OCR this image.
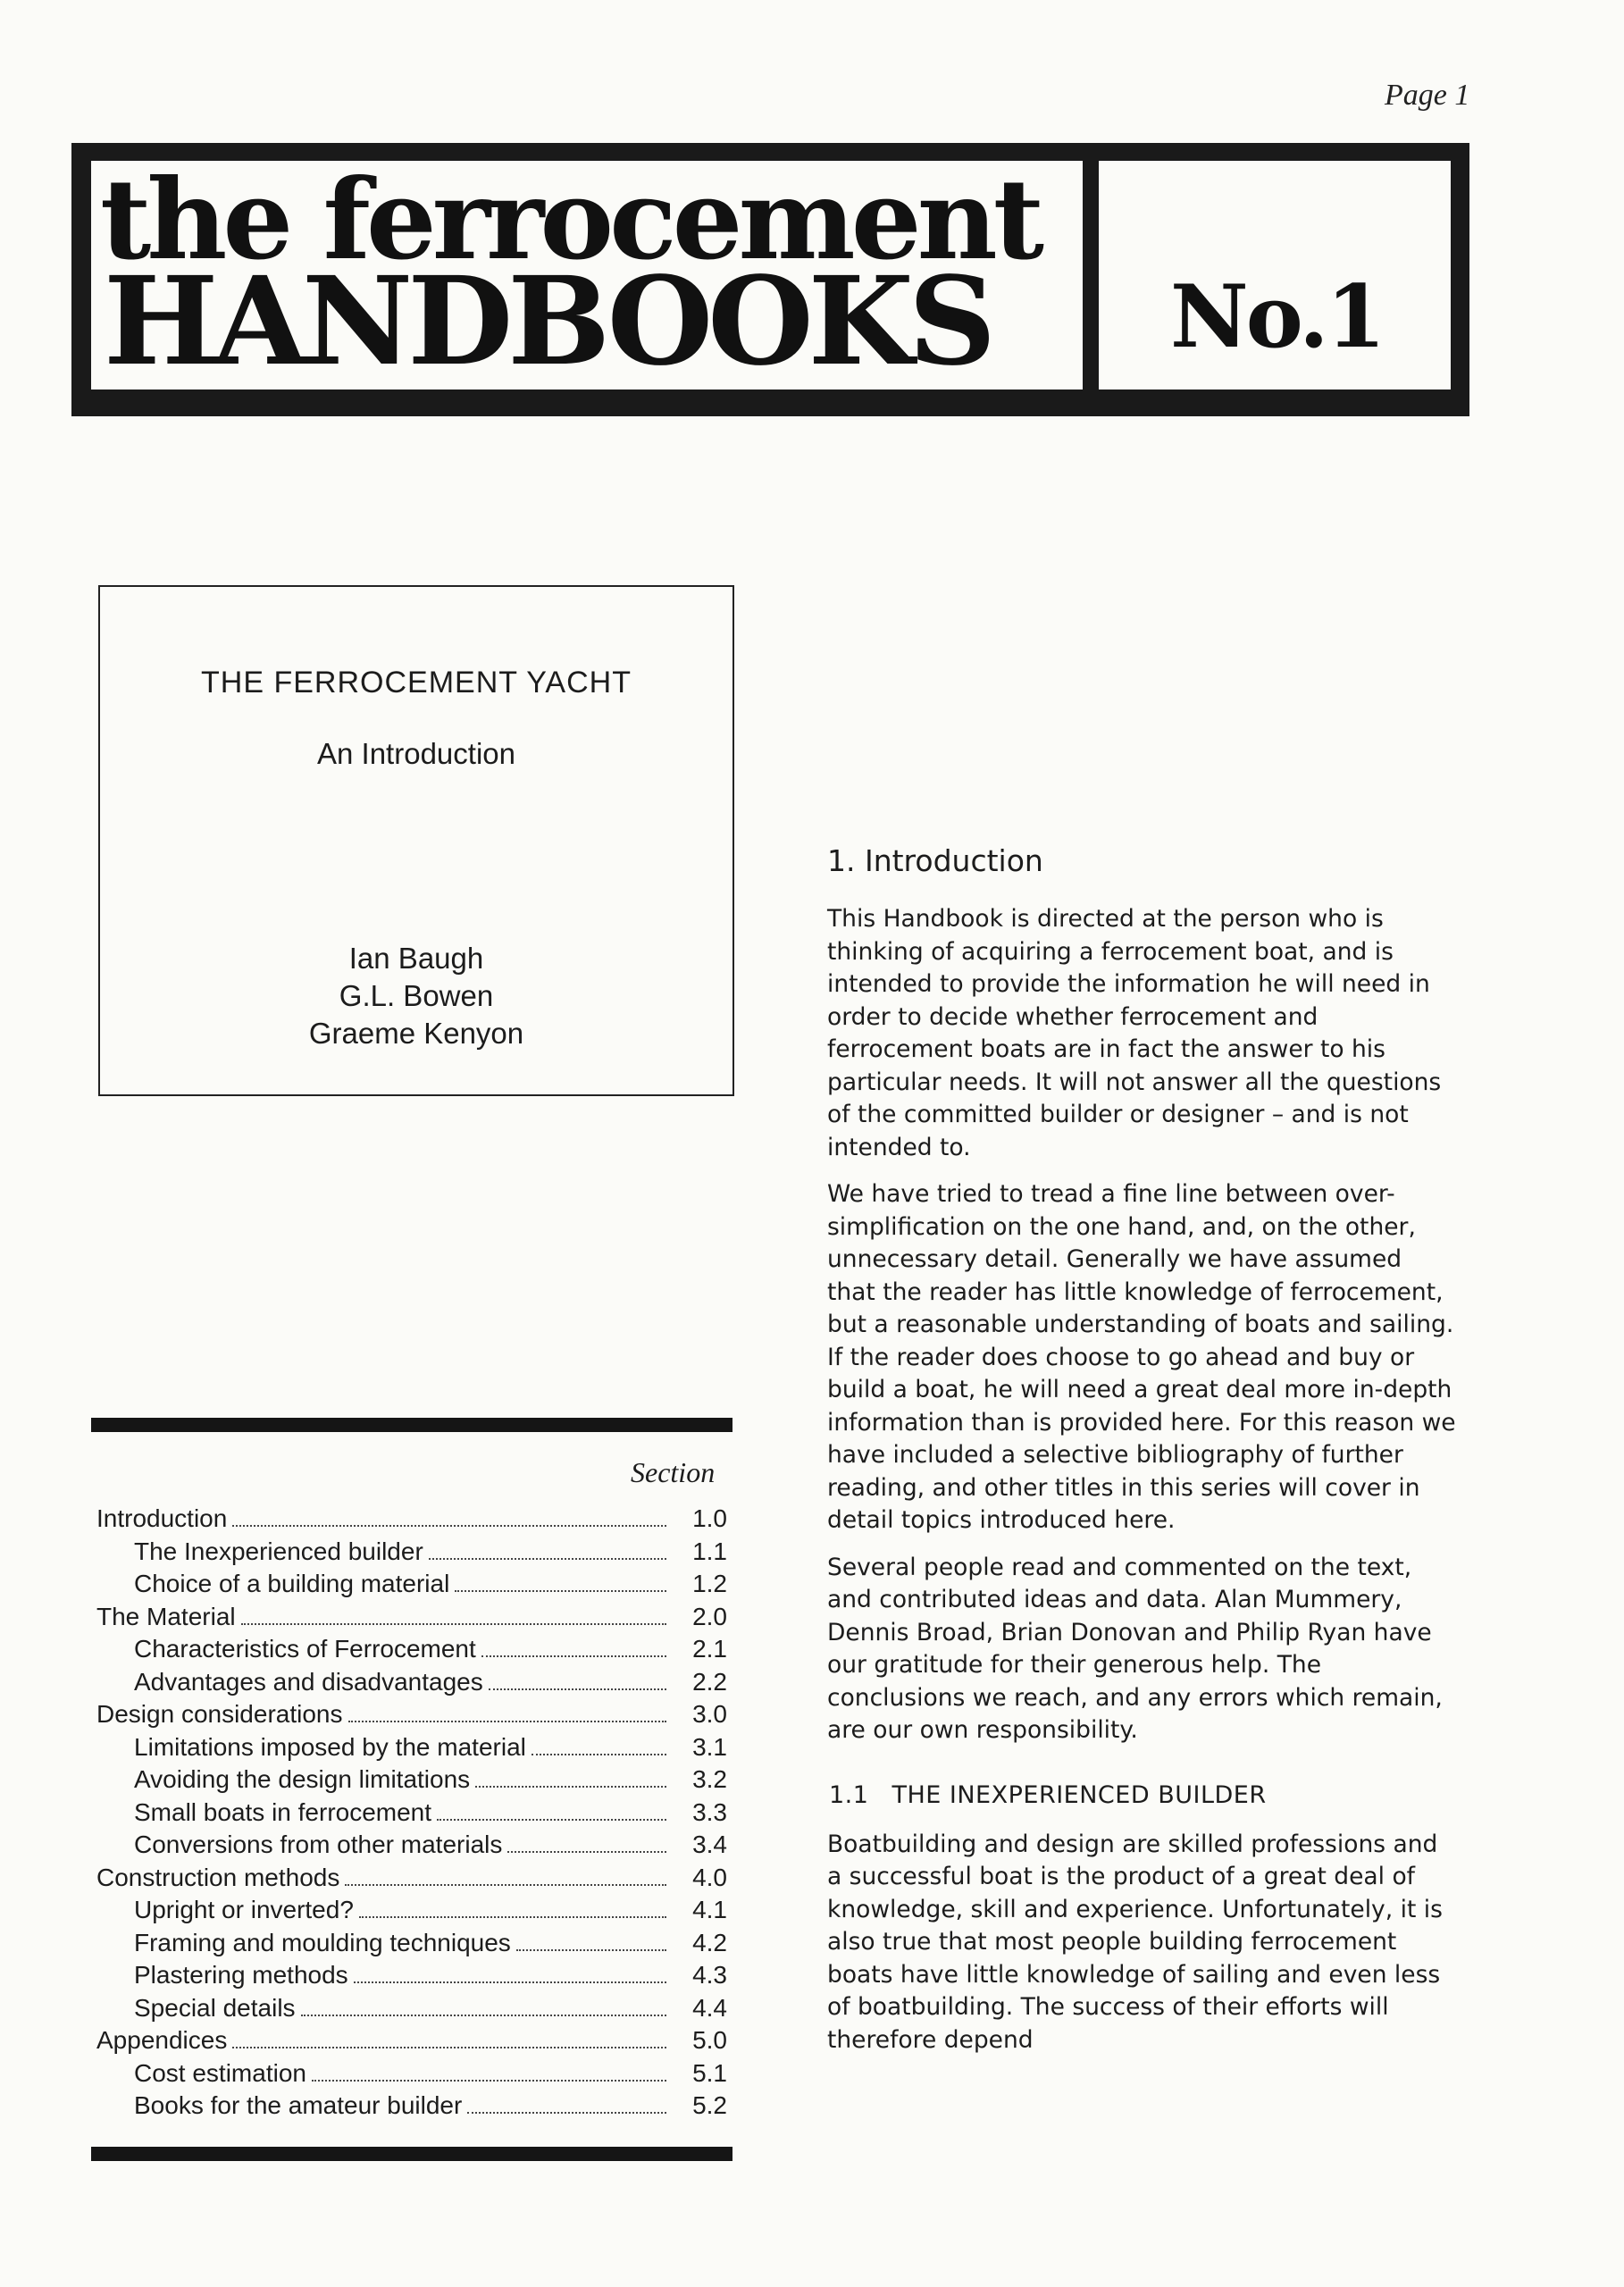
Page 1
the ferrocement
HANDBOOKS No.1
THE FERROCEMENT YACHT
An Introduction
Ian Baugh
G.L. Bowen
Graeme Kenyon
Section
Introduction	1.0
The Inexperienced builder	1.1
Choice of a building material	1.2
The Material	2.0
Characteristics of Ferrocement	2.1
Advantages and disadvantages	2.2
Design considerations	3.0
Limitations imposed by the material	3.1
Avoiding the design limitations	3.2
Small boats in ferrocement	3.3
Conversions from other materials	3.4
Construction methods	4.0
Upright or inverted?	4.1
Framing and moulding techniques	4.2
Plastering methods	4.3
Special details	4.4
Appendices	5.0
Cost estimation	5.1
Books for the amateur builder	5.2
1. Introduction

This Handbook is directed at the person who is thinking of acquiring a ferrocement boat, and is intended to provide the information he will need in order to decide whether ferrocement and ferrocement boats are in fact the answer to his particular needs. It will not answer all the questions of the committed builder or designer – and is not intended to.

We have tried to tread a fine line between over-simplification on the one hand, and, on the other, unnecessary detail. Generally we have assumed that the reader has little knowledge of ferrocement, but a reasonable understanding of boats and sailing. If the reader does choose to go ahead and buy or build a boat, he will need a great deal more in-depth information than is provided here. For this reason we have included a selective bibliography of further reading, and other titles in this series will cover in detail topics introduced here.

Several people read and commented on the text, and contributed ideas and data. Alan Mummery, Dennis Broad, Brian Donovan and Philip Ryan have our gratitude for their generous help. The conclusions we reach, and any errors which remain, are our own responsibility.

1.1 THE INEXPERIENCED BUILDER

Boatbuilding and design are skilled professions and a successful boat is the product of a great deal of knowledge, skill and experience. Unfortunately, it is also true that most people building ferrocement boats have little knowledge of sailing and even less of boatbuilding. The success of their efforts will therefore depend
